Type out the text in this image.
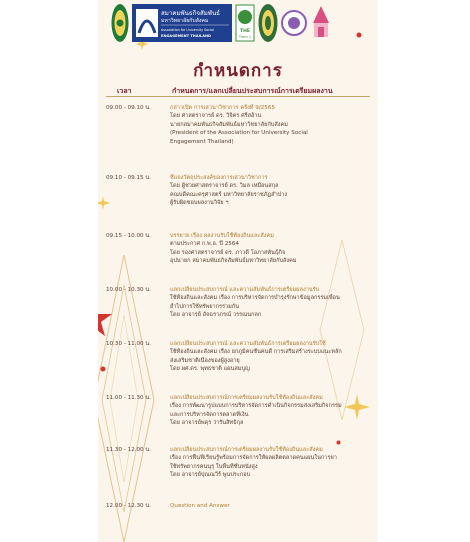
สมาคมพันธกิจสัมพันธ์
มหาวิทยาลัยกับสังคม
Association for University Social
ENGAGEMENT THAILAND
THE
Tmm 1
กำหนดการ
เวลา	กำหนดการ/แลกเปลี่ยนประสบการณ์การเตรียมผลงาน
09.00 - 09.10 น.	กล่าวเปิด การเสวนาวิชาการ ครั้งที่ 9/2565
โดย ศาสตราจารย์ ดร. วิจิตร ศรีสอ้าน
นายกสมาคมพันธกิจสัมพันธ์มหาวิทยาลัยกับสังคม
(President of the Association for University Social
Engagement Thailand)
09.10 - 09.15 น.	ชี้แจงวัตถุประสงค์ของการเสวนาวิชาการ
โดย ผู้ช่วยศาสตราจารย์ ดร. วิมล เหมือนสกุล
คณบดีคณะครุศาสตร์ มหาวิทยาลัยราชภัฏสำปาง
ผู้รับผิดชอบผลงานวิจัย ฯ
09.15 - 10.00 น.	บรรยาย เรื่อง ผลงานรับใช้ท้องถิ่นและสังคม
ตามประกาศ ก.พ.อ. ปี 2564
โดย รองศาสตราจารย์ ดร. ภาวดี โอภาสพันธุ์ภิจ
อุปนายก สมาคมพันธกิจสัมพันธ์มหาวิทยาลัยกับสังคม
10.00 - 10.30 น.	แลกเปลี่ยนประสบการณ์ และความสัมพันธ์การเตรียมผลงานรับ
ใช้ท้องถิ่นและสังคม เรื่อง การบริหารจัดการบำรุงรักษาข้อมูลกรรมเพื่อน
ย้ำไปการใช้ทรัพยากรร่วมกัน
โดย อาจารย์ อัจฉราภรณ์ วรรณนกลก
10.30 - 11.00 น.	แลกเปลี่ยนประสบการณ์ และความสัมพันธ์การเตรียมผลงานรับใช้
ใช้ท้องถิ่นและสังคม เรื่อง ยกภูมิคนชั้นคนดี การเสริมสร้างระบบแนะหลัก
ส่งเสริมชาติเนื่องของผู้สูงอายุ
โดย ผศ.ดร. พุทธชาติ แผนสมบูญ
11.00 - 11.30 น.	แลกเปลี่ยนประสบการณ์การเตรียมผลงานรับใช้ท้องถิ่นและสังคม
เรื่อง การพัฒนารูปแบบการบริหารจัดการดำเนินกิจกรรมส่งเสริมกิจกรรม
และการบริหารจัดการตลาดทีเงิน
โดย อาจารย์พดุร ว่ารันสิทธิกุล
11.30 - 12.00 น.	แลกเปลี่ยนประสบการณ์การเตรียมผลงานรับใช้ท้องถิ่นและสังคม
เรื่อง การฟื้นฟีเรียนรู้พร้อมการจัดการให้ผลผลิตตลาดคนแผนในการยา
ใช้ทรัพยากรคนนุรุ ในพื้นที่ชั้นหนังสูง
โดย อาจารย์ปุณณวีร์ พูนประกอบ
12.00 - 12.30 น.	Question and Answer
